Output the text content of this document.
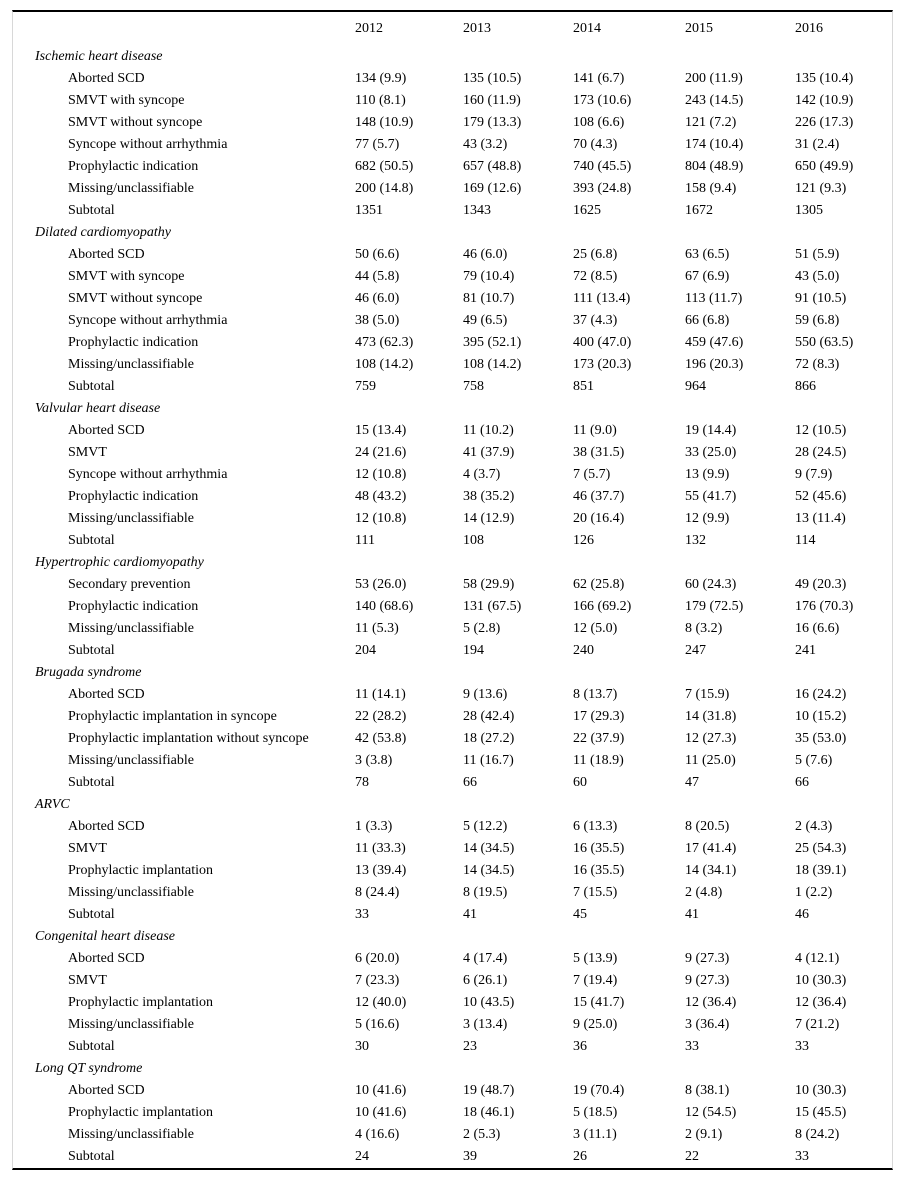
	2012	2013	2014	2015	2016
Ischemic heart disease					
Aborted SCD	134 (9.9)	135 (10.5)	141 (6.7)	200 (11.9)	135 (10.4)
SMVT with syncope	110 (8.1)	160 (11.9)	173 (10.6)	243 (14.5)	142 (10.9)
SMVT without syncope	148 (10.9)	179 (13.3)	108 (6.6)	121 (7.2)	226 (17.3)
Syncope without arrhythmia	77 (5.7)	43 (3.2)	70 (4.3)	174 (10.4)	31 (2.4)
Prophylactic indication	682 (50.5)	657 (48.8)	740 (45.5)	804 (48.9)	650 (49.9)
Missing/unclassifiable	200 (14.8)	169 (12.6)	393 (24.8)	158 (9.4)	121 (9.3)
Subtotal	1351	1343	1625	1672	1305
Dilated cardiomyopathy					
Aborted SCD	50 (6.6)	46 (6.0)	25 (6.8)	63 (6.5)	51 (5.9)
SMVT with syncope	44 (5.8)	79 (10.4)	72 (8.5)	67 (6.9)	43 (5.0)
SMVT without syncope	46 (6.0)	81 (10.7)	111 (13.4)	113 (11.7)	91 (10.5)
Syncope without arrhythmia	38 (5.0)	49 (6.5)	37 (4.3)	66 (6.8)	59 (6.8)
Prophylactic indication	473 (62.3)	395 (52.1)	400 (47.0)	459 (47.6)	550 (63.5)
Missing/unclassifiable	108 (14.2)	108 (14.2)	173 (20.3)	196 (20.3)	72 (8.3)
Subtotal	759	758	851	964	866
Valvular heart disease					
Aborted SCD	15 (13.4)	11 (10.2)	11 (9.0)	19 (14.4)	12 (10.5)
SMVT	24 (21.6)	41 (37.9)	38 (31.5)	33 (25.0)	28 (24.5)
Syncope without arrhythmia	12 (10.8)	4 (3.7)	7 (5.7)	13 (9.9)	9 (7.9)
Prophylactic indication	48 (43.2)	38 (35.2)	46 (37.7)	55 (41.7)	52 (45.6)
Missing/unclassifiable	12 (10.8)	14 (12.9)	20 (16.4)	12 (9.9)	13 (11.4)
Subtotal	111	108	126	132	114
Hypertrophic cardiomyopathy					
Secondary prevention	53 (26.0)	58 (29.9)	62 (25.8)	60 (24.3)	49 (20.3)
Prophylactic indication	140 (68.6)	131 (67.5)	166 (69.2)	179 (72.5)	176 (70.3)
Missing/unclassifiable	11 (5.3)	5 (2.8)	12 (5.0)	8 (3.2)	16 (6.6)
Subtotal	204	194	240	247	241
Brugada syndrome					
Aborted SCD	11 (14.1)	9 (13.6)	8 (13.7)	7 (15.9)	16 (24.2)
Prophylactic implantation in syncope	22 (28.2)	28 (42.4)	17 (29.3)	14 (31.8)	10 (15.2)
Prophylactic implantation without syncope	42 (53.8)	18 (27.2)	22 (37.9)	12 (27.3)	35 (53.0)
Missing/unclassifiable	3 (3.8)	11 (16.7)	11 (18.9)	11 (25.0)	5 (7.6)
Subtotal	78	66	60	47	66
ARVC					
Aborted SCD	1 (3.3)	5 (12.2)	6 (13.3)	8 (20.5)	2 (4.3)
SMVT	11 (33.3)	14 (34.5)	16 (35.5)	17 (41.4)	25 (54.3)
Prophylactic implantation	13 (39.4)	14 (34.5)	16 (35.5)	14 (34.1)	18 (39.1)
Missing/unclassifiable	8 (24.4)	8 (19.5)	7 (15.5)	2 (4.8)	1 (2.2)
Subtotal	33	41	45	41	46
Congenital heart disease					
Aborted SCD	6 (20.0)	4 (17.4)	5 (13.9)	9 (27.3)	4 (12.1)
SMVT	7 (23.3)	6 (26.1)	7 (19.4)	9 (27.3)	10 (30.3)
Prophylactic implantation	12 (40.0)	10 (43.5)	15 (41.7)	12 (36.4)	12 (36.4)
Missing/unclassifiable	5 (16.6)	3 (13.4)	9 (25.0)	3 (36.4)	7 (21.2)
Subtotal	30	23	36	33	33
Long QT syndrome					
Aborted SCD	10 (41.6)	19 (48.7)	19 (70.4)	8 (38.1)	10 (30.3)
Prophylactic implantation	10 (41.6)	18 (46.1)	5 (18.5)	12 (54.5)	15 (45.5)
Missing/unclassifiable	4 (16.6)	2 (5.3)	3 (11.1)	2 (9.1)	8 (24.2)
Subtotal	24	39	26	22	33
